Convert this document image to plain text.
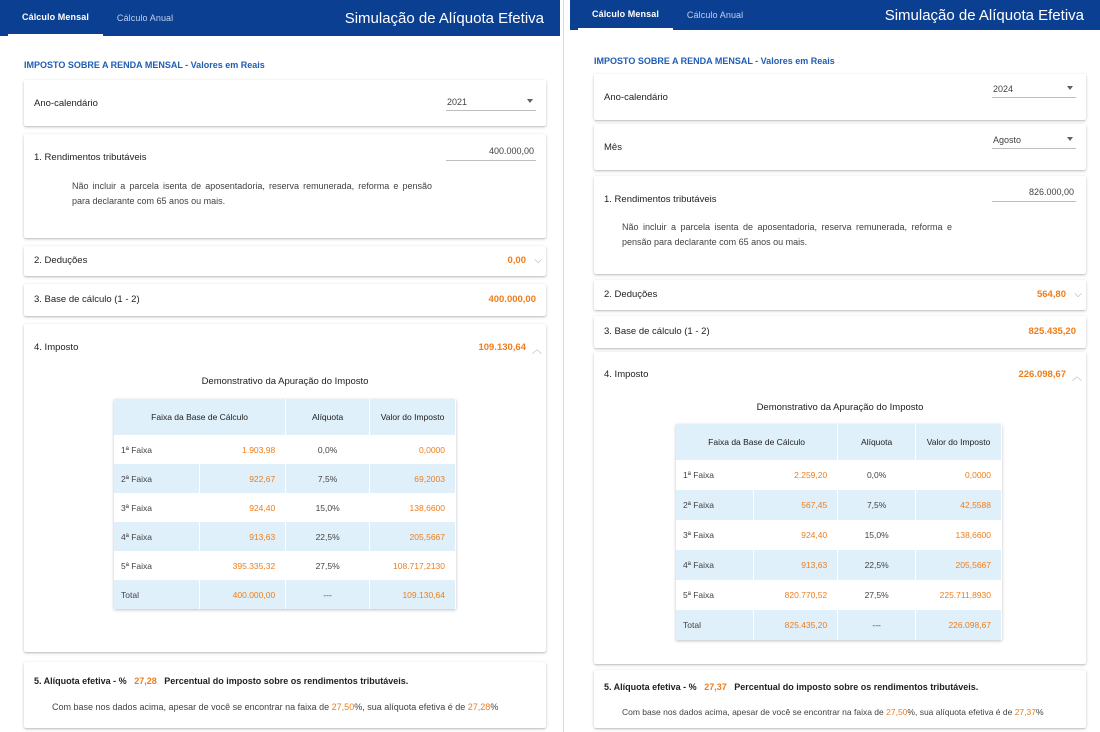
Cálculo Mensal	Cálculo Anual	Simulação de Alíquota Efetiva
IMPOSTO SOBRE A RENDA MENSAL - Valores em Reais
Ano-calendário	2021
1. Rendimentos tributáveis
400.000,00
Não incluir a parcela isenta de aposentadoria, reserva remunerada, reforma e pensão para declarante com 65 anos ou mais.
2. Deduções	0,00 ⌵
3. Base de cálculo (1 - 2)	400.000,00
4. Imposto	109.130,64 ︿
Demonstrativo da Apuração do Imposto
Faixa da Base de Cálculo		Alíquota	Valor do Imposto
1ª Faixa	1.903,98	0,0%	0,0000
2ª Faixa	922,67	7,5%	69,2003
3ª Faixa	924,40	15,0%	138,6600
4ª Faixa	913,63	22,5%	205,5667
5ª Faixa	395.335,32	27,5%	108.717,2130
Total	400.000,00	---	109.130,64
5. Alíquota efetiva - % 27,28 Percentual do imposto sobre os rendimentos tributáveis.
Com base nos dados acima, apesar de você se encontrar na faixa de 27,50%, sua alíquota efetiva é de 27,28%
Cálculo Mensal	Cálculo Anual	Simulação de Alíquota Efetiva
IMPOSTO SOBRE A RENDA MENSAL - Valores em Reais
Ano-calendário
2024
Mês
Agosto
1. Rendimentos tributáveis
826.000,00
Não incluir a parcela isenta de aposentadoria, reserva remunerada, reforma e pensão para declarante com 65 anos ou mais.
2. Deduções	564,80 ⌵
3. Base de cálculo (1 - 2)	825.435,20
4. Imposto	226.098,67 ︿
Demonstrativo da Apuração do Imposto
Faixa da Base de Cálculo		Alíquota	Valor do Imposto
1ª Faixa	2.259,20	0,0%	0,0000
2ª Faixa	567,45	7,5%	42,5588
3ª Faixa	924,40	15,0%	138,6600
4ª Faixa	913,63	22,5%	205,5667
5ª Faixa	820.770,52	27,5%	225.711,8930
Total	825.435,20	---	226.098,67
5. Alíquota efetiva - % 27,37 Percentual do imposto sobre os rendimentos tributáveis.
Com base nos dados acima, apesar de você se encontrar na faixa de 27,50%, sua alíquota efetiva é de 27,37%
